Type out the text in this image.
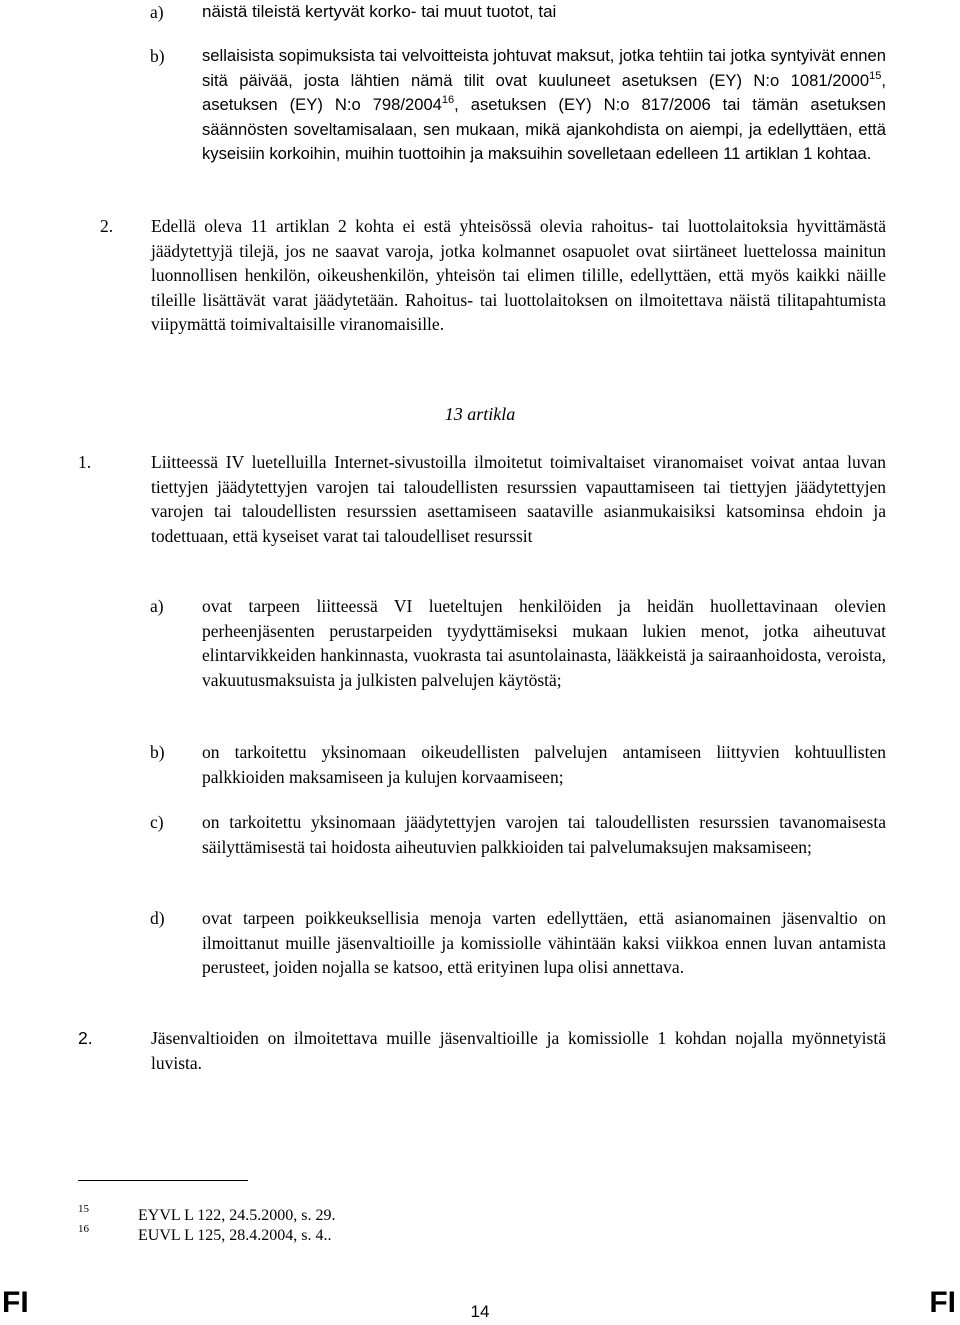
a) näistä tileistä kertyvät korko- tai muut tuotot, tai
b) sellaisista sopimuksista tai velvoitteista johtuvat maksut, jotka tehtiin tai jotka syntyivät ennen sitä päivää, josta lähtien nämä tilit ovat kuuluneet asetuksen (EY) N:o 1081/2000$^{15}$, asetuksen (EY) N:o 798/2004$^{16}$, asetuksen (EY) N:o 817/2006 tai tämän asetuksen säännösten soveltamisalaan, sen mukaan, mikä ajankohdista on aiempi, ja edellyttäen, että kyseisiin korkoihin, muihin tuottoihin ja maksuihin sovelletaan edelleen 11 artiklan 1 kohtaa.
2. Edellä oleva 11 artiklan 2 kohta ei estä yhteisössä olevia rahoitus- tai luottolaitoksia hyvittämästä jäädytettyjä tilejä, jos ne saavat varoja, jotka kolmannet osapuolet ovat siirtäneet luettelossa mainitun luonnollisen henkilön, oikeushenkilön, yhteisön tai elimen tilille, edellyttäen, että myös kaikki näille tileille lisättävät varat jäädytetään. Rahoitus- tai luottolaitoksen on ilmoitettava näistä tilitapahtumista viipymättä toimivaltaisille viranomaisille.
13 artikla
1.	Liitteessä IV luetelluilla Internet-sivustoilla ilmoitetut toimivaltaiset viranomaiset voivat antaa luvan tiettyjen jäädytettyjen varojen tai taloudellisten resurssien vapauttamiseen tai tiettyjen jäädytettyjen varojen tai taloudellisten resurssien asettamiseen saataville asianmukaisiksi katsominsa ehdoin ja todettuaan, että kyseiset varat tai taloudelliset resurssit
a) ovat tarpeen liitteessä VI lueteltujen henkilöiden ja heidän huollettavinaan olevien perheenjäsenten perustarpeiden tyydyttämiseksi mukaan lukien menot, jotka aiheutuvat elintarvikkeiden hankinnasta, vuokrasta tai asuntolainasta, lääkkeistä ja sairaanhoidosta, veroista, vakuutusmaksuista ja julkisten palvelujen käytöstä;
b) on tarkoitettu yksinomaan oikeudellisten palvelujen antamiseen liittyvien kohtuullisten palkkioiden maksamiseen ja kulujen korvaamiseen;
c) on tarkoitettu yksinomaan jäädytettyjen varojen tai taloudellisten resurssien tavanomaisesta säilyttämisestä tai hoidosta aiheutuvien palkkioiden tai palvelumaksujen maksamiseen;
d) ovat tarpeen poikkeuksellisia menoja varten edellyttäen, että asianomainen jäsenvaltio on ilmoittanut muille jäsenvaltioille ja komissiolle vähintään kaksi viikkoa ennen luvan antamista perusteet, joiden nojalla se katsoo, että erityinen lupa olisi annettava.
2.	Jäsenvaltioiden on ilmoitettava muille jäsenvaltioille ja komissiolle 1 kohdan nojalla myönnetyistä luvista.
15	EYVL L 122, 24.5.2000, s. 29.
16	EUVL L 125, 28.4.2004, s. 4..
FI	14	FI
